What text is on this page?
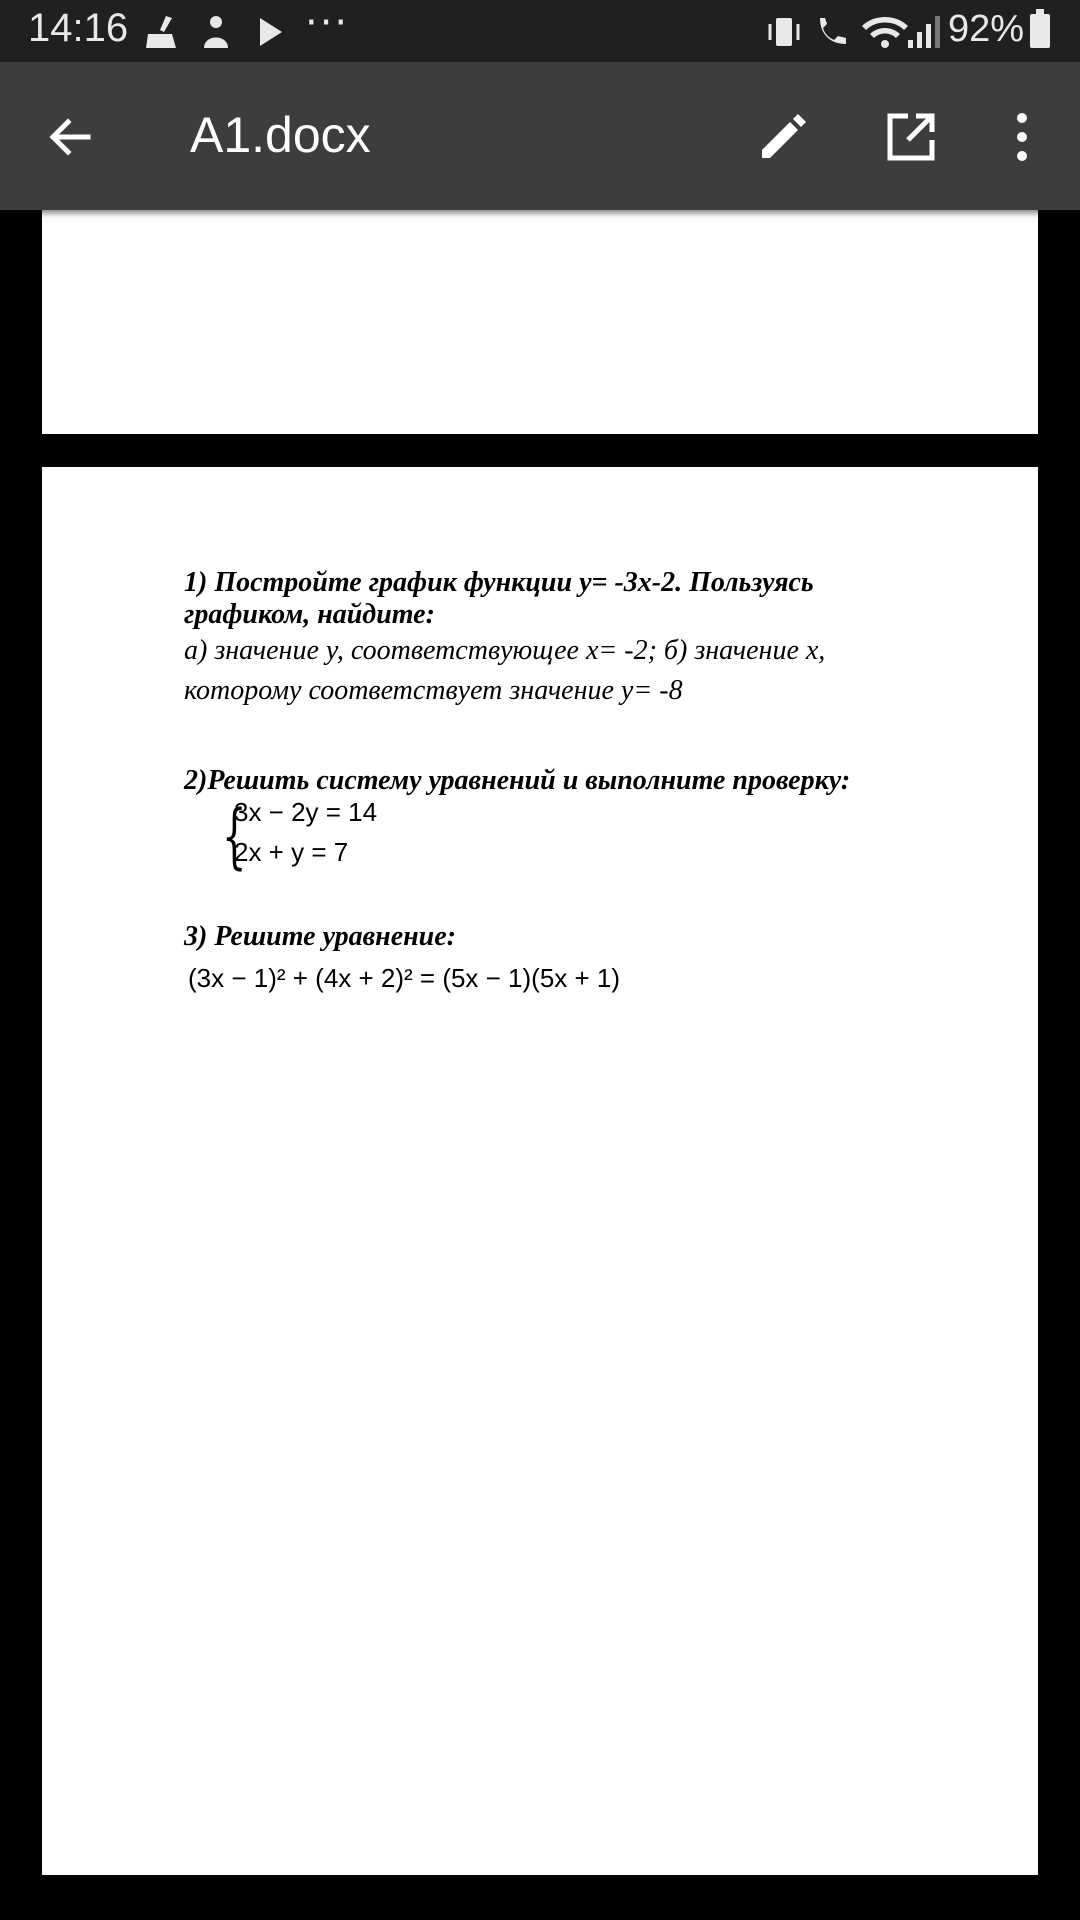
14:16	···	92%
А1.docx
1) Постройте график функции у= -3х-2. Пользуясь графиком, найдите:
а) значение у, соответствующее х= -2; б) значение х, которому соответствует значение у= -8
2)Решить систему уравнений и выполните проверку:
{
3x − 2y = 14
2x + y = 7
3) Решите уравнение:
(3x − 1)² + (4x + 2)² = (5x − 1)(5x + 1)
